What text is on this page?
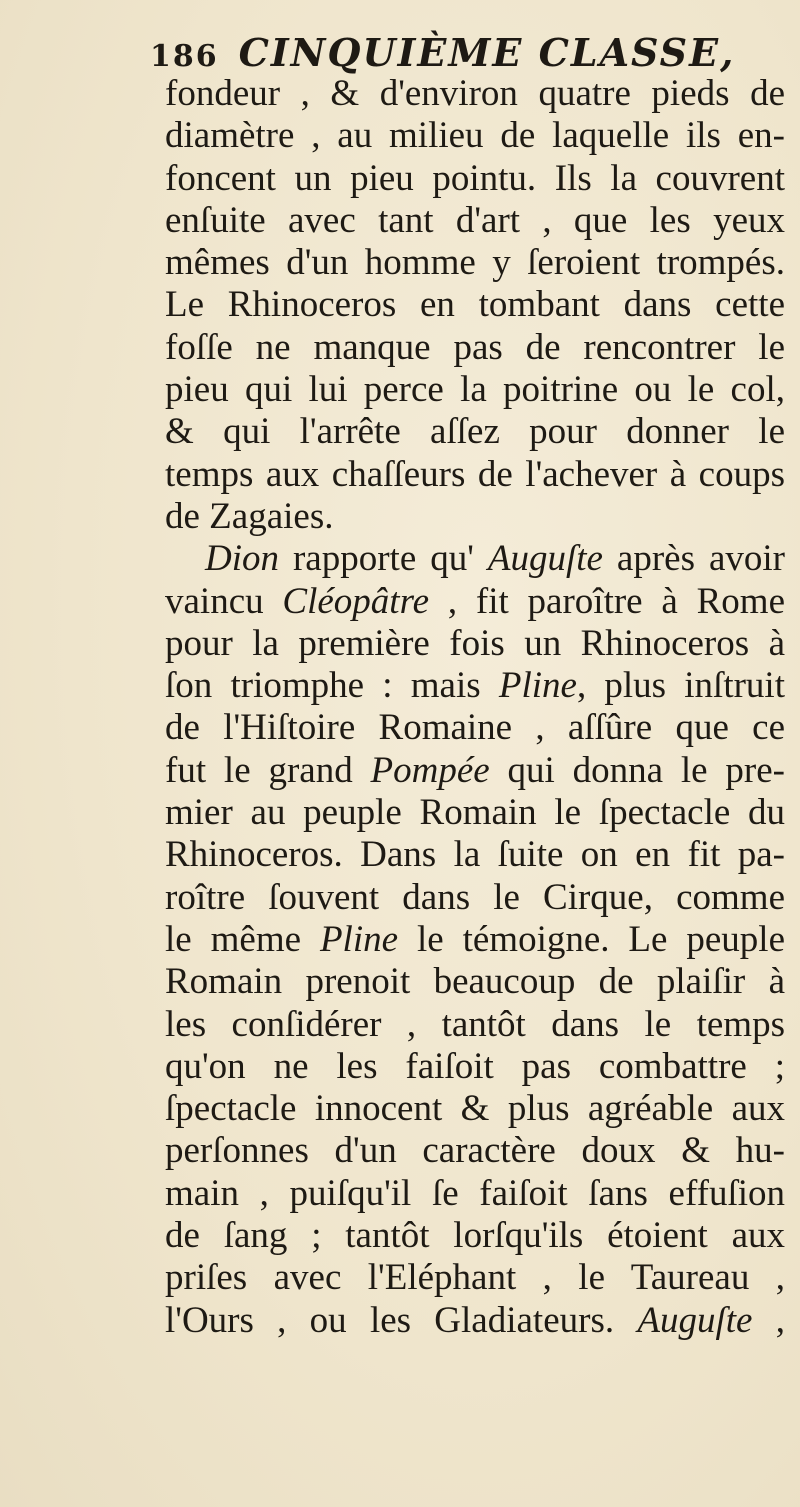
186 CINQUIÈME CLASSE,
fondeur , & d'environ quatre pieds de
diamètre , au milieu de laquelle ils en-
foncent un pieu pointu. Ils la couvrent
enſuite avec tant d'art , que les yeux
mêmes d'un homme y ſeroient trompés.
Le Rhinoceros en tombant dans cette
foſſe ne manque pas de rencontrer le
pieu qui lui perce la poitrine ou le col,
& qui l'arrête aſſez pour donner le
temps aux chaſſeurs de l'achever à coups
de Zagaies.
Dion rapporte qu' Auguſte après avoir
vaincu Cléopâtre , fit paroître à Rome
pour la première fois un Rhinoceros à
ſon triomphe : mais Pline, plus inſtruit
de l'Hiſtoire Romaine , aſſûre que ce
fut le grand Pompée qui donna le pre-
mier au peuple Romain le ſpectacle du
Rhinoceros. Dans la ſuite on en fit pa-
roître ſouvent dans le Cirque, comme
le même Pline le témoigne. Le peuple
Romain prenoit beaucoup de plaiſir à
les conſidérer , tantôt dans le temps
qu'on ne les faiſoit pas combattre ;
ſpectacle innocent & plus agréable aux
perſonnes d'un caractère doux & hu-
main , puiſqu'il ſe faiſoit ſans effuſion
de ſang ; tantôt lorſqu'ils étoient aux
priſes avec l'Eléphant , le Taureau ,
l'Ours , ou les Gladiateurs. Auguſte ,
